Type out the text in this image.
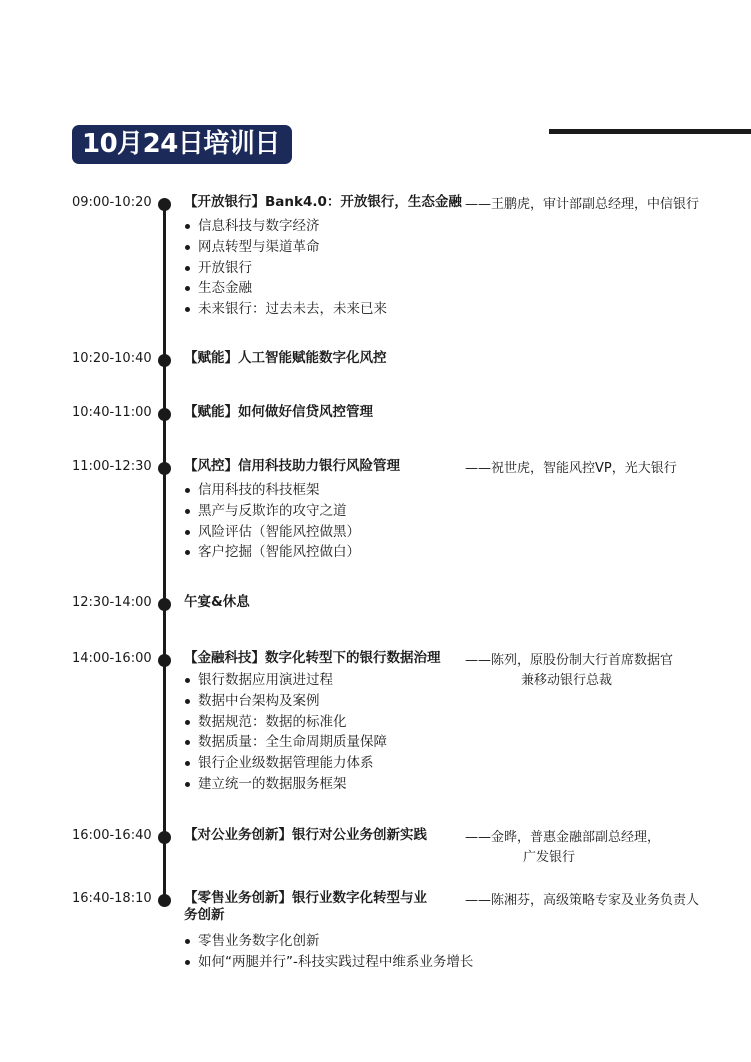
10月24日培训日
09:00-10:20 【开放银行】Bank4.0：开放银行，生态金融 ——王鹏虎，审计部副总经理，中信银行
信息科技与数字经济
网点转型与渠道革命
开放银行
生态金融
未来银行：过去未去，未来已来
10:20-10:40 【赋能】人工智能赋能数字化风控
10:40-11:00 【赋能】如何做好信贷风控管理
11:00-12:30 【风控】信用科技助力银行风险管理	——祝世虎，智能风控VP，光大银行
信用科技的科技框架
黑产与反欺诈的攻守之道
风险评估（智能风控做黑）
客户挖掘（智能风控做白）
12:30-14:00 午宴&休息
14:00-16:00 【金融科技】数字化转型下的银行数据治理 ——陈列，原股份制大行首席数据官
兼移动银行总裁
银行数据应用演进过程
数据中台架构及案例
数据规范：数据的标准化
数据质量：全生命周期质量保障
银行企业级数据管理能力体系
建立统一的数据服务框架
16:00-16:40 【对公业务创新】银行对公业务创新实践	——金晔，普惠金融部副总经理，
广发银行
16:40-18:10 【零售业务创新】银行业数字化转型与业务创新
——陈湘芬，高级策略专家及业务负责人
零售业务数字化创新
如何“两腿并行”-科技实践过程中维系业务增长
